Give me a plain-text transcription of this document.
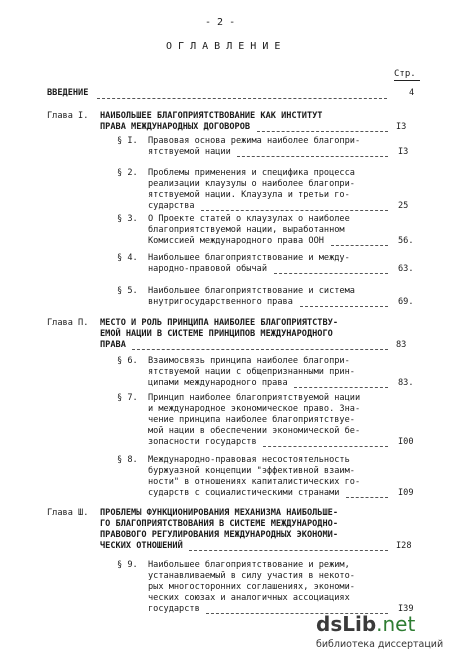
- 2 -
О Г Л А В Л Е Н И Е
Стр.
ВВЕДЕНИЕ	4
Глава I. НАИБОЛЬШЕЕ БЛАГОПРИЯТСТВОВАНИЕ КАК ИНСТИТУТ
ПРАВА МЕЖДУНАРОДНЫХ ДОГОВОРОВ	I3
§ I. Правовая основа режима наиболее благопри-
ятствуемой нации	I3
§ 2. Проблемы применения и специфика процесса
реализации клаузулы о наиболее благопри-
ятствуемой нации. Клаузула и третьи го-
сударства	25
§ 3. О Проекте статей о клаузулах о наиболее
благоприятствуемой нации, выработанном
Комиссией международного права ООН	56.
§ 4. Наибольшее благоприятствование и между-
народно-правовой обычай	63.
§ 5. Наибольшее благоприятствование и система
внутригосударственного права	69.
Глава П. МЕСТО И РОЛЬ ПРИНЦИПА НАИБОЛЕЕ БЛАГОПРИЯТСТВУ-
ЕМОЙ НАЦИИ В СИСТЕМЕ ПРИНЦИПОВ МЕЖДУНАРОДНОГО
ПРАВА	83
§ 6. Взаимосвязь принципа наиболее благопри-
ятствуемой нации с общепризнанными прин-
ципами международного права	83.
§ 7. Принцип наиболее благоприятствуемой нации
и международное экономическое право. Зна-
чение принципа наиболее благоприятствуе-
мой нации в обеспечении экономической бе-
зопасности государств	I00
§ 8. Международно-правовая несостоятельность
буржуазной концепции "эффективной взаим-
ности" в отношениях капиталистических го-
сударств с социалистическими странами	I09
Глава Ш. ПРОБЛЕМЫ ФУНКЦИОНИРОВАНИЯ МЕХАНИЗМА НАИБОЛЬШЕ-
ГО БЛАГОПРИЯТСТВОВАНИЯ В СИСТЕМЕ МЕЖДУНАРОДНО-
ПРАВОВОГО РЕГУЛИРОВАНИЯ МЕЖДУНАРОДНЫХ ЭКОНОМИ-
ЧЕСКИХ ОТНОШЕНИЙ	I28
§ 9. Наибольшее благоприятствование и режим,
устанавливаемый в силу участия в некото-
рых многосторонних соглашениях, экономи-
ческих союзах и аналогичных ассоциациях
государств	I39
dsLib.net
библиотека диссертаций
